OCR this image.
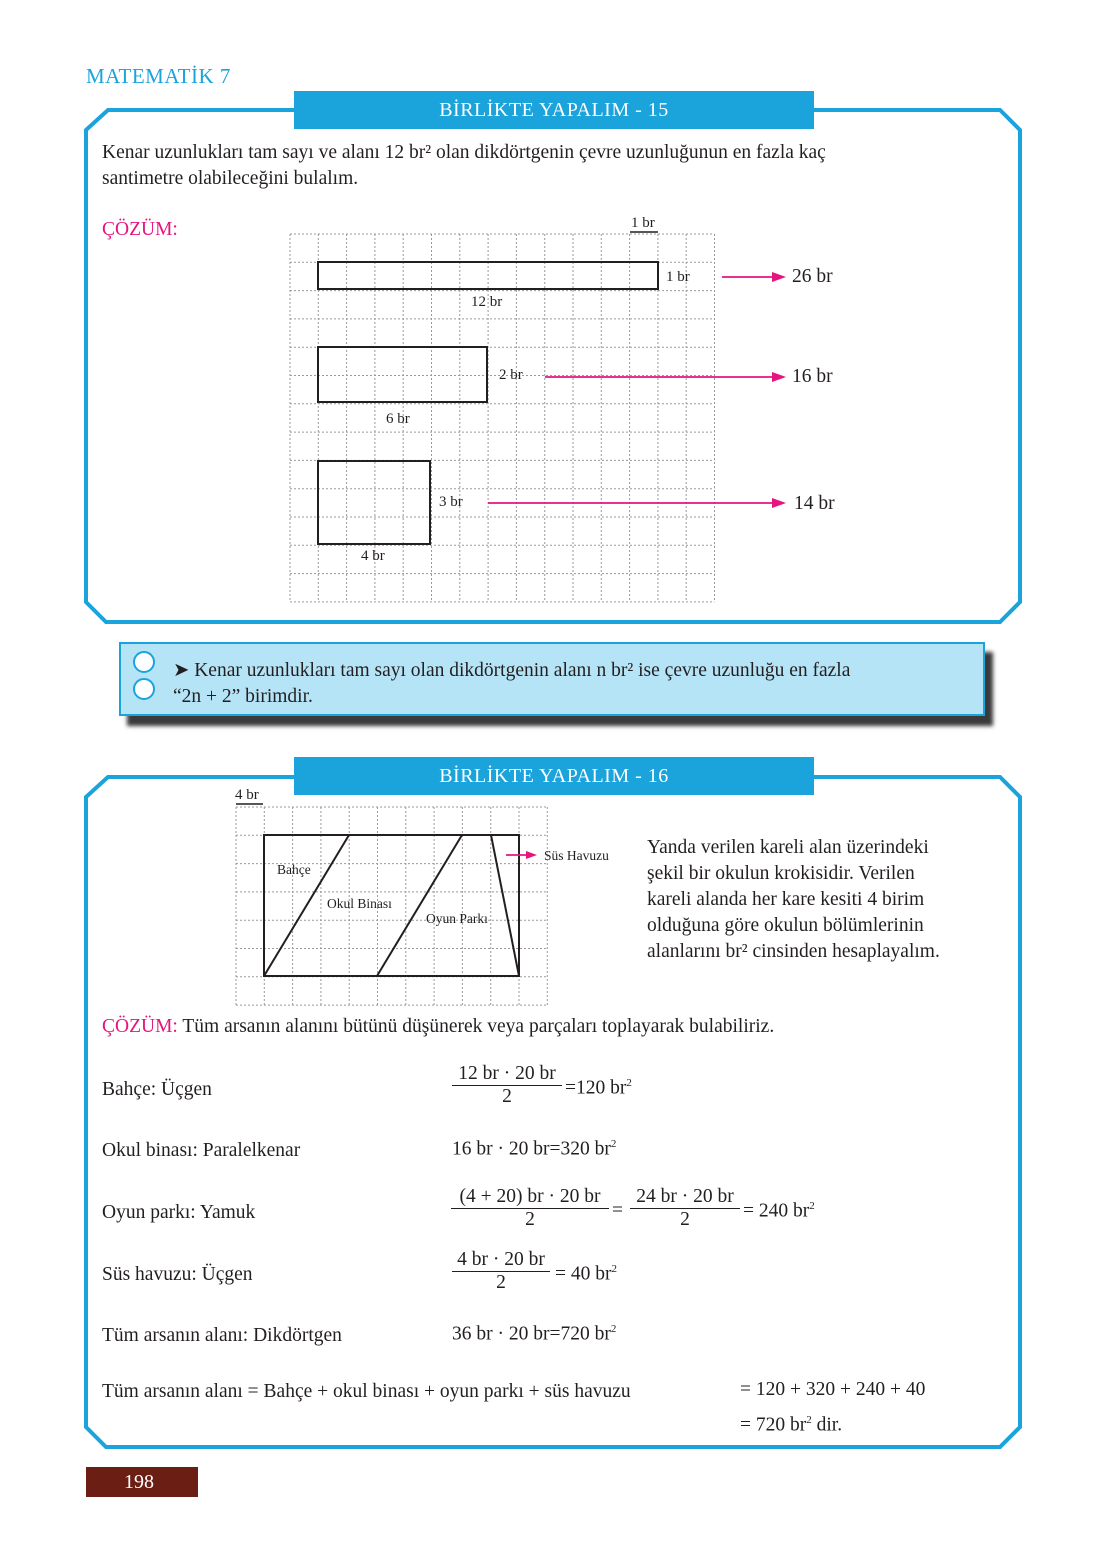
MATEMATİK 7
BİRLİKTE YAPALIM - 15
Kenar uzunlukları tam sayı ve alanı 12 br² olan dikdörtgenin çevre uzunluğunun en fazla kaç
santimetre olabileceğini bulalım.
ÇÖZÜM:	1 br
1 br
12 br
26 br
2 br
6 br
16 br
3 br
4 br
14 br
➤ Kenar uzunlukları tam sayı olan dikdörtgenin alanı n br² ise çevre uzunluğu en fazla
“2n + 2” birimdir.
BİRLİKTE YAPALIM - 16
4 br
Bahçe
Okul Binası
Oyun Parkı
Süs Havuzu Yanda verilen kareli alan üzerindeki
şekil bir okulun krokisidir. Verilen
kareli alanda her kare kesiti 4 birim
olduğuna göre okulun bölümlerinin
alanlarını br² cinsinden hesaplayalım.
ÇÖZÜM: Tüm arsanın alanını bütünü düşünerek veya parçaları toplayarak bulabiliriz.
Bahçe: Üçgen
12 br · 20 br
2	=120 $br^2$
Okul binası: Paralelkenar	16 br · 20 br=320 $br^2$
Oyun parkı: Yamuk
(4 + 20) br · 20 br
2	=
24 br · 20 br
2	= 240 $br^2$
Süs havuzu: Üçgen
4 br · 20 br
2	= 40 $br^2$
Tüm arsanın alanı: Dikdörtgen	36 br · 20 br=720 $br^2$
Tüm arsanın alanı = Bahçe + okul binası + oyun parkı + süs havuzu	= 120 + 320 + 240 + 40
= 720 $br^2$ dir.
198
